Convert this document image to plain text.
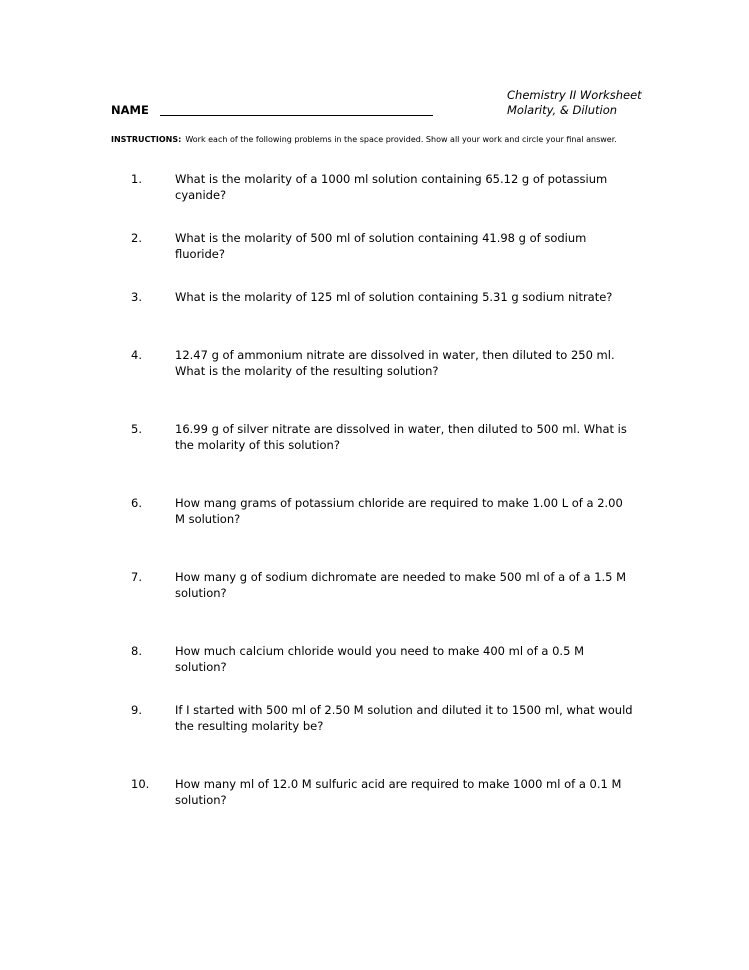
Chemistry II Worksheet
Molarity, & Dilution
NAME
INSTRUCTIONS: Work each of the following problems in the space provided. Show all your work and circle your final answer.
1.	What is the molarity of a 1000 ml solution containing 65.12 g of potassium cyanide?
2.	What is the molarity of 500 ml of solution containing 41.98 g of sodium fluoride?
3.	What is the molarity of 125 ml of solution containing 5.31 g sodium nitrate?
4.	12.47 g of ammonium nitrate are dissolved in water, then diluted to 250 ml. What is the molarity of the resulting solution?
5.	16.99 g of silver nitrate are dissolved in water, then diluted to 500 ml. What is the molarity of this solution?
6.	How mang grams of potassium chloride are required to make 1.00 L of a 2.00 M solution?
7.	How many g of sodium dichromate are needed to make 500 ml of a of a 1.5 M solution?
8.	How much calcium chloride would you need to make 400 ml of a 0.5 M solution?
9.	If I started with 500 ml of 2.50 M solution and diluted it to 1500 ml, what would the resulting molarity be?
10.	How many ml of 12.0 M sulfuric acid are required to make 1000 ml of a 0.1 M solution?
